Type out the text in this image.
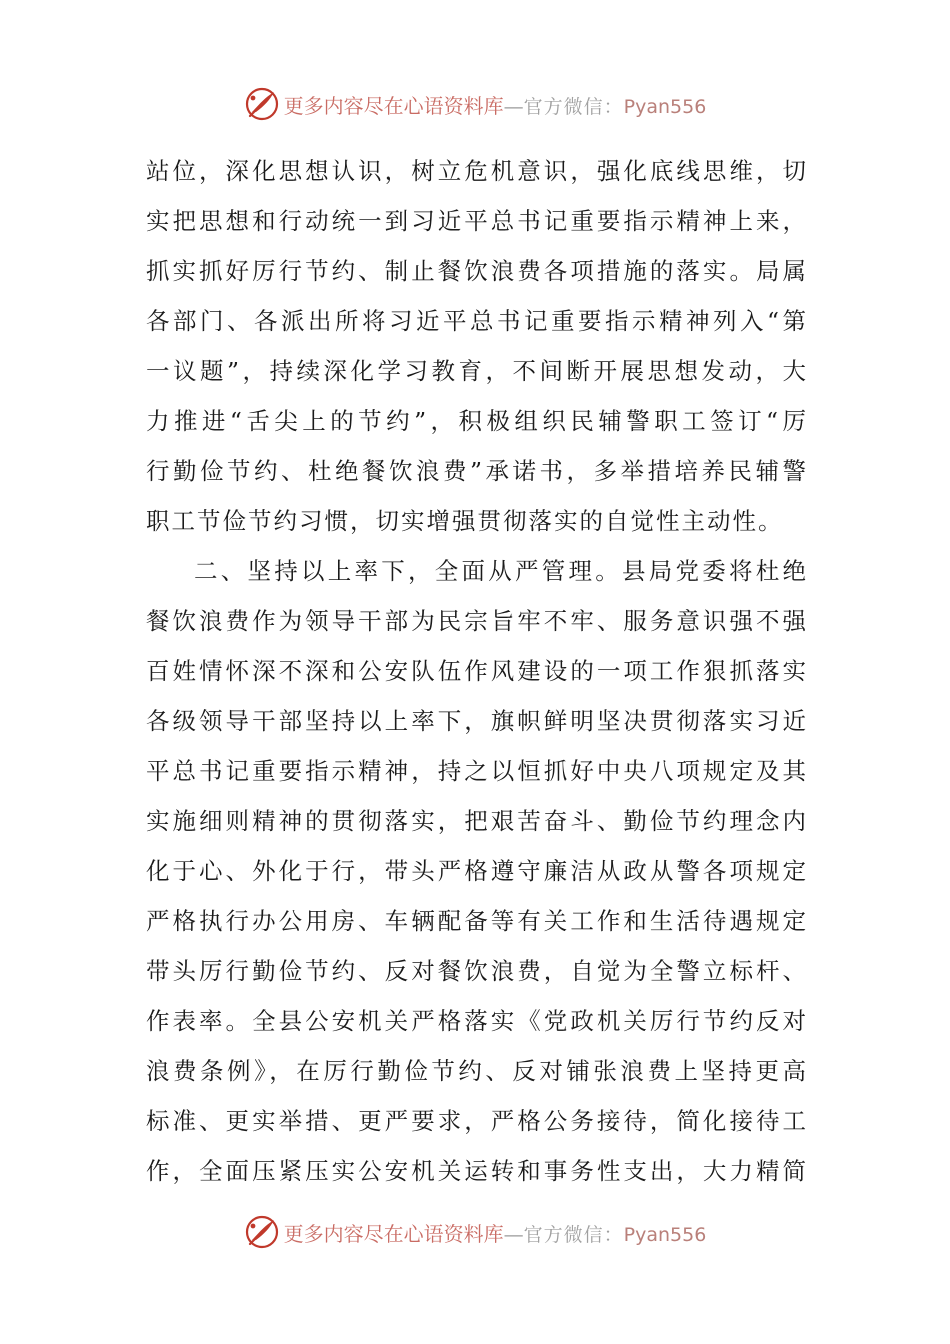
更多内容尽在心语资料库—官方微信：Pyan556
站位，深化思想认识，树立危机意识，强化底线思维，切
实把思想和行动统一到习近平总书记重要指示精神上来，
抓实抓好厉行节约、制止餐饮浪费各项措施的落实。局属
各部门、各派出所将习近平总书记重要指示精神列入“第
一议题”，持续深化学习教育，不间断开展思想发动，大
力推进“舌尖上的节约”，积极组织民辅警职工签订“厉
行勤俭节约、杜绝餐饮浪费”承诺书，多举措培养民辅警
职工节俭节约习惯，切实增强贯彻落实的自觉性主动性。
二、坚持以上率下，全面从严管理。县局党委将杜绝
餐饮浪费作为领导干部为民宗旨牢不牢、服务意识强不强
百姓情怀深不深和公安队伍作风建设的一项工作狠抓落实
各级领导干部坚持以上率下，旗帜鲜明坚决贯彻落实习近
平总书记重要指示精神，持之以恒抓好中央八项规定及其
实施细则精神的贯彻落实，把艰苦奋斗、勤俭节约理念内
化于心、外化于行，带头严格遵守廉洁从政从警各项规定
严格执行办公用房、车辆配备等有关工作和生活待遇规定
带头厉行勤俭节约、反对餐饮浪费，自觉为全警立标杆、
作表率。全县公安机关严格落实《党政机关厉行节约反对
浪费条例》，在厉行勤俭节约、反对铺张浪费上坚持更高
标准、更实举措、更严要求，严格公务接待，简化接待工
作，全面压紧压实公安机关运转和事务性支出，大力精简
更多内容尽在心语资料库—官方微信：Pyan556
